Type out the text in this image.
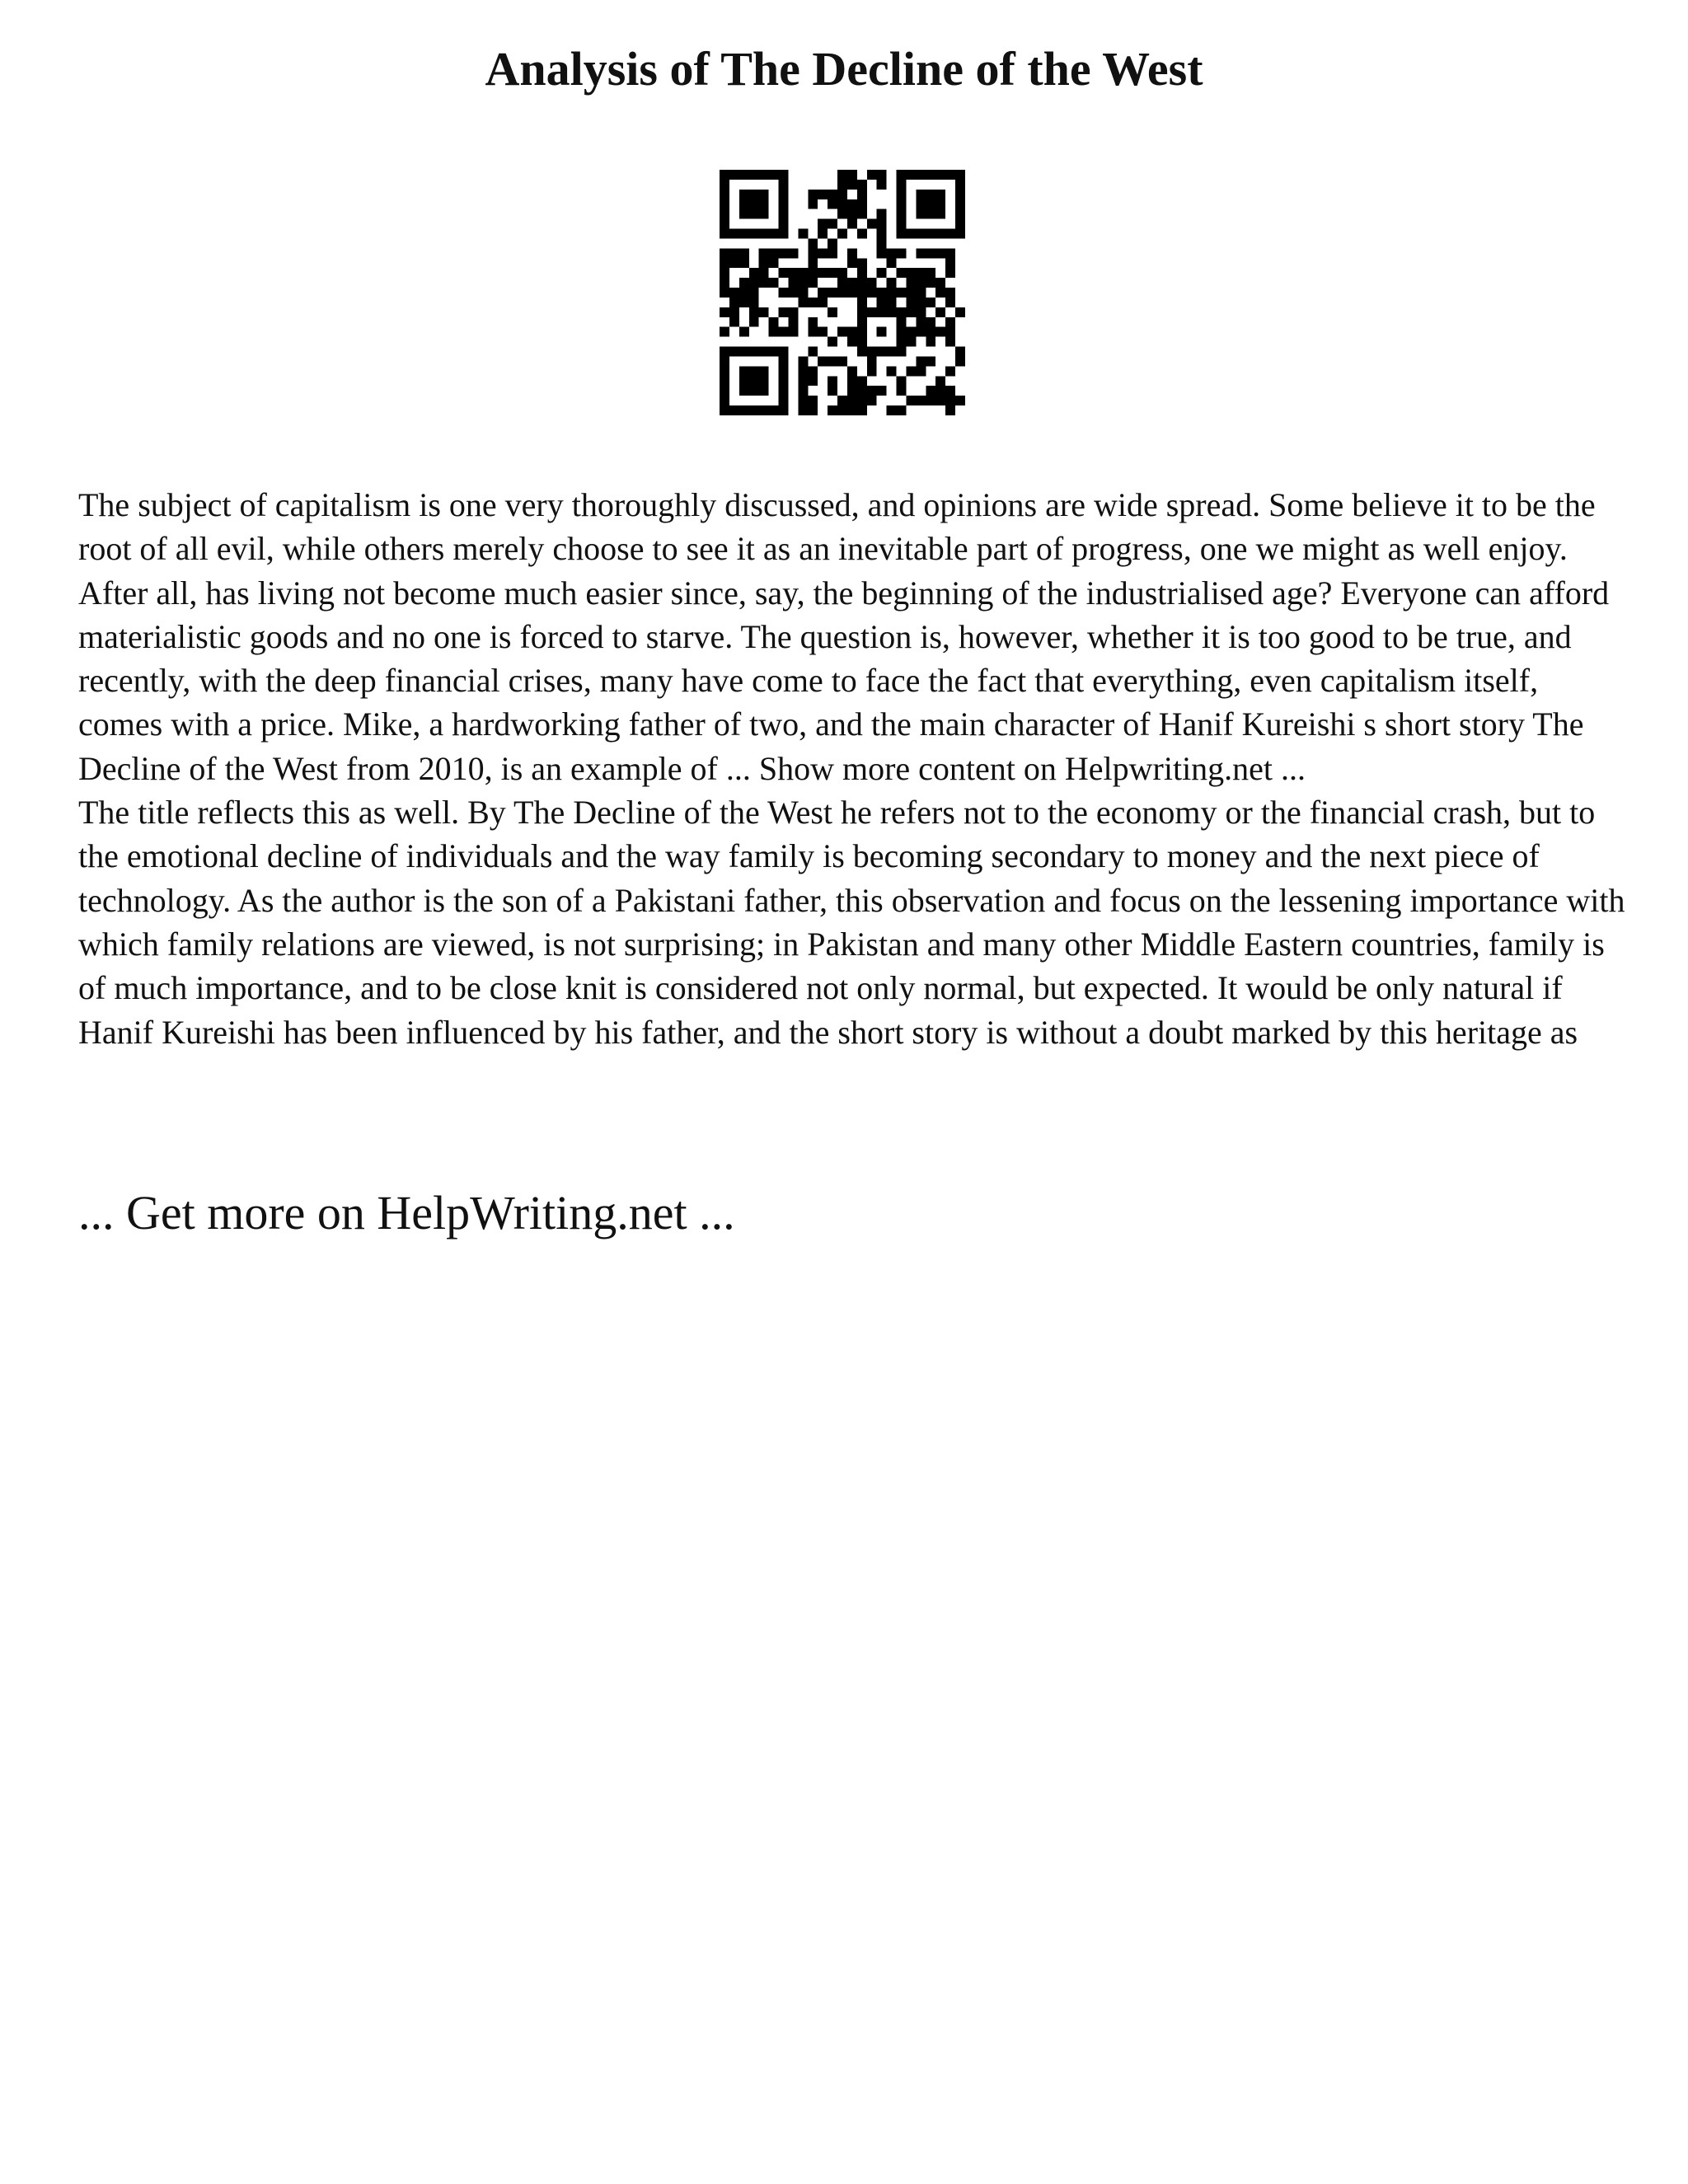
Analysis of The Decline of the West

The subject of capitalism is one very thoroughly discussed, and opinions are wide spread. Some believe it to be the root of all evil, while others merely choose to see it as an inevitable part of progress, one we might as well enjoy. After all, has living not become much easier since, say, the beginning of the industrialised age? Everyone can afford materialistic goods and no one is forced to starve. The question is, however, whether it is too good to be true, and recently, with the deep financial crises, many have come to face the fact that everything, even capitalism itself, comes with a price. Mike, a hardworking father of two, and the main character of Hanif Kureishi s short story The Decline of the West from 2010, is an example of ... Show more content on Helpwriting.net ...

The title reflects this as well. By The Decline of the West he refers not to the economy or the financial crash, but to the emotional decline of individuals and the way family is becoming secondary to money and the next piece of technology. As the author is the son of a Pakistani father, this observation and focus on the lessening importance with which family relations are viewed, is not surprising; in Pakistan and many other Middle Eastern countries, family is of much importance, and to be close knit is considered not only normal, but expected. It would be only natural if Hanif Kureishi has been influenced by his father, and the short story is without a doubt marked by this heritage as

... Get more on HelpWriting.net ...
